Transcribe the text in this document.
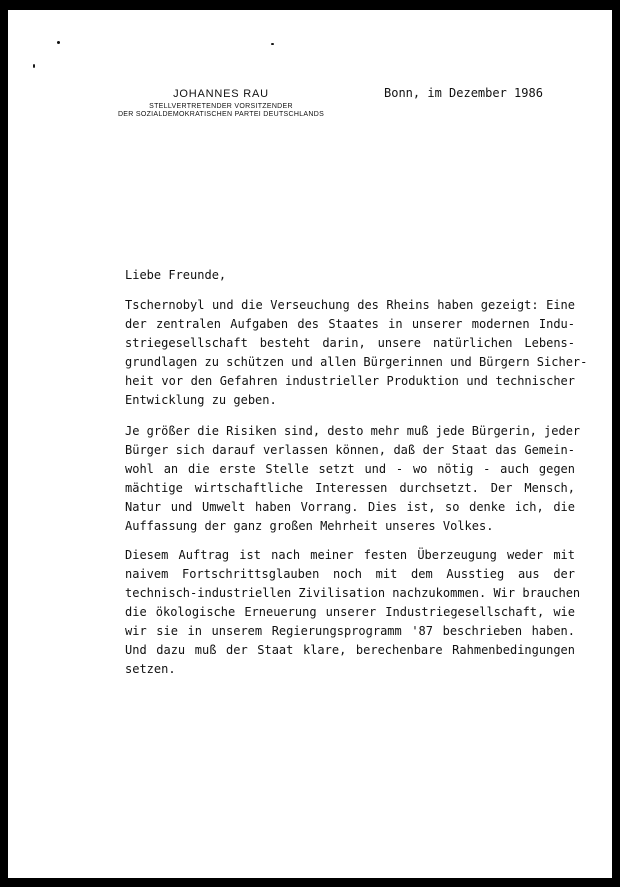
JOHANNES RAU
STELLVERTRETENDER VORSITZENDER
DER SOZIALDEMOKRATISCHEN PARTEI DEUTSCHLANDS
Bonn, im Dezember 1986
Liebe Freunde,
Tschernobyl und die Verseuchung des Rheins haben gezeigt: Eine
der zentralen Aufgaben des Staates in unserer modernen Indu-
striegesellschaft besteht darin, unsere natürlichen Lebens-
grundlagen zu schützen und allen Bürgerinnen und Bürgern Sicher-
heit vor den Gefahren industrieller Produktion und technischer
Entwicklung zu geben.
Je größer die Risiken sind, desto mehr muß jede Bürgerin, jeder
Bürger sich darauf verlassen können, daß der Staat das Gemein-
wohl an die erste Stelle setzt und - wo nötig - auch gegen
mächtige wirtschaftliche Interessen durchsetzt. Der Mensch,
Natur und Umwelt haben Vorrang. Dies ist, so denke ich, die
Auffassung der ganz großen Mehrheit unseres Volkes.
Diesem Auftrag ist nach meiner festen Überzeugung weder mit
naivem Fortschrittsglauben noch mit dem Ausstieg aus der
technisch-industriellen Zivilisation nachzukommen. Wir brauchen
die ökologische Erneuerung unserer Industriegesellschaft, wie
wir sie in unserem Regierungsprogramm '87 beschrieben haben.
Und dazu muß der Staat klare, berechenbare Rahmenbedingungen
setzen.
